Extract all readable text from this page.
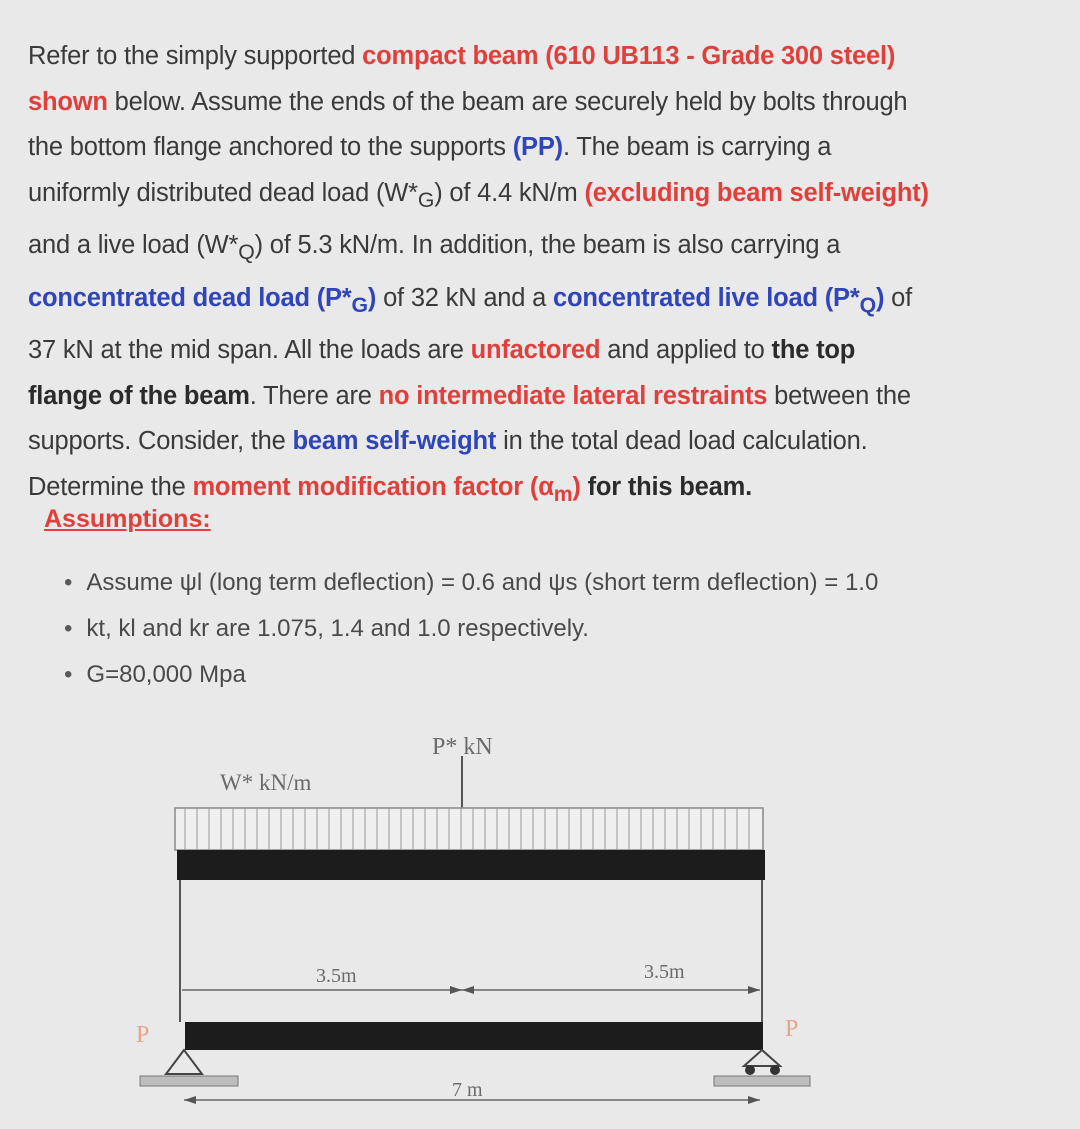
Refer to the simply supported compact beam (610 UB113 - Grade 300 steel)

shown below. Assume the ends of the beam are securely held by bolts through

the bottom flange anchored to the supports (PP). The beam is carrying a

uniformly distributed dead load $(W*_G)$ of 4.4 kN/m (excluding beam self-weight)

and a live load $(W*_Q)$ of 5.3 kN/m. In addition, the beam is also carrying a

concentrated dead load $(P*_G)$ of 32 kN and a concentrated live load $(P*_Q)$ of

37 kN at the mid span. All the loads are unfactored and applied to the top

flange of the beam. There are no intermediate lateral restraints between the

supports. Consider, the beam self-weight in the total dead load calculation.

Determine the moment modification factor $(\alpha_m)$ for this beam.

Assumptions:
• Assume ψl (long term deflection) = 0.6 and ψs (short term deflection) = 1.0
• kt, kl and kr are 1.075, 1.4 and 1.0 respectively.
• G=80,000 Mpa
P* kN
W* kN/m
3.5m	3.5m
P	P
7 m
